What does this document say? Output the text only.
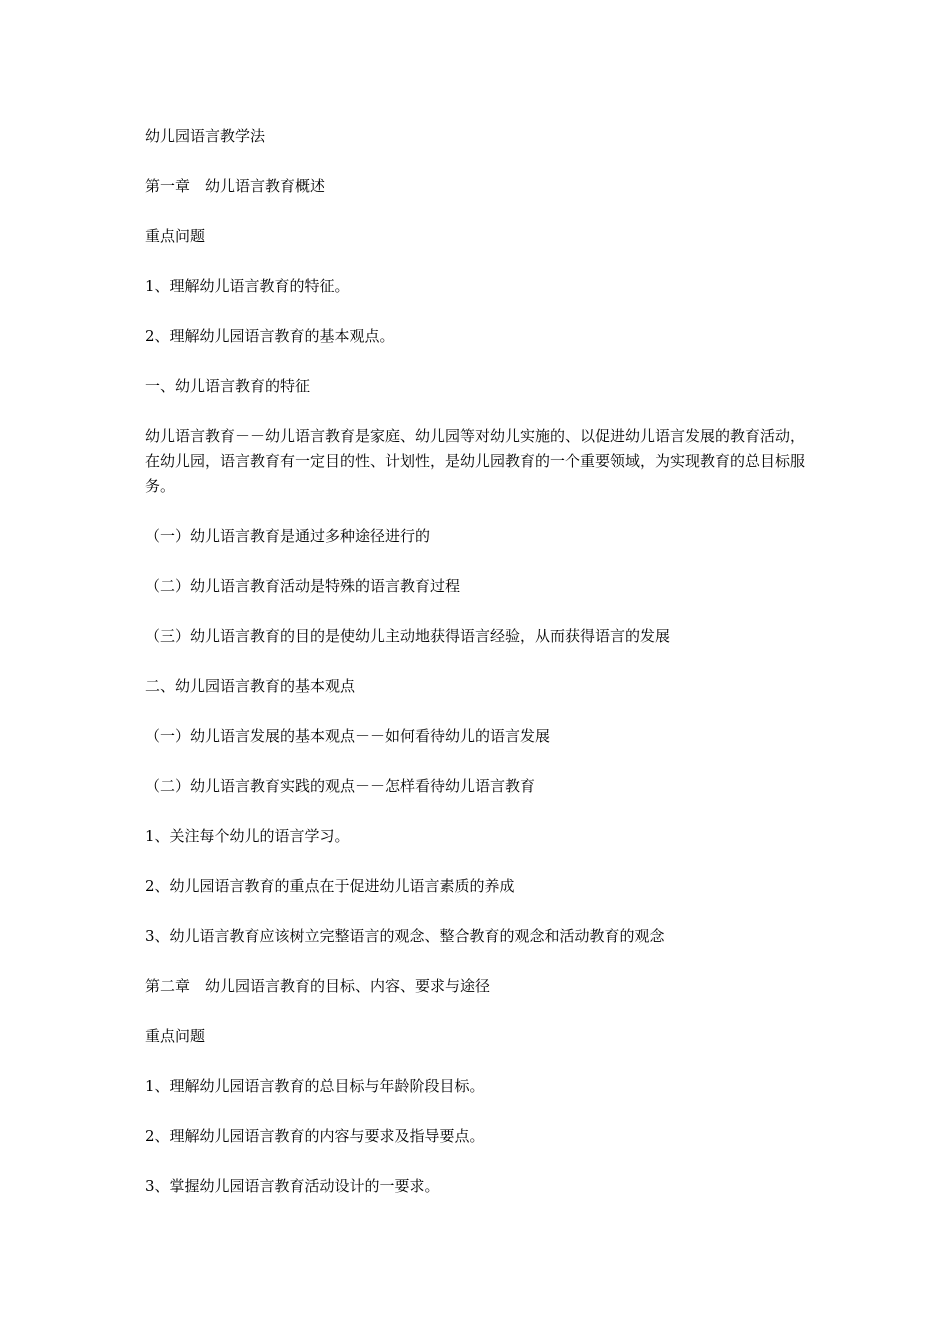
幼儿园语言教学法

第一章　幼儿语言教育概述

重点问题

1、理解幼儿语言教育的特征。

2、理解幼儿园语言教育的基本观点。

一、幼儿语言教育的特征

幼儿语言教育－－幼儿语言教育是家庭、幼儿园等对幼儿实施的、以促进幼儿语言发展的教育活动，在幼儿园，语言教育有一定目的性、计划性，是幼儿园教育的一个重要领域，为实现教育的总目标服务。

（一）幼儿语言教育是通过多种途径进行的

（二）幼儿语言教育活动是特殊的语言教育过程

（三）幼儿语言教育的目的是使幼儿主动地获得语言经验，从而获得语言的发展

二、幼儿园语言教育的基本观点

（一）幼儿语言发展的基本观点－－如何看待幼儿的语言发展

（二）幼儿语言教育实践的观点－－怎样看待幼儿语言教育

1、关注每个幼儿的语言学习。

2、幼儿园语言教育的重点在于促进幼儿语言素质的养成

3、幼儿语言教育应该树立完整语言的观念、整合教育的观念和活动教育的观念

第二章　幼儿园语言教育的目标、内容、要求与途径

重点问题

1、理解幼儿园语言教育的总目标与年龄阶段目标。

2、理解幼儿园语言教育的内容与要求及指导要点。

3、掌握幼儿园语言教育活动设计的一要求。
